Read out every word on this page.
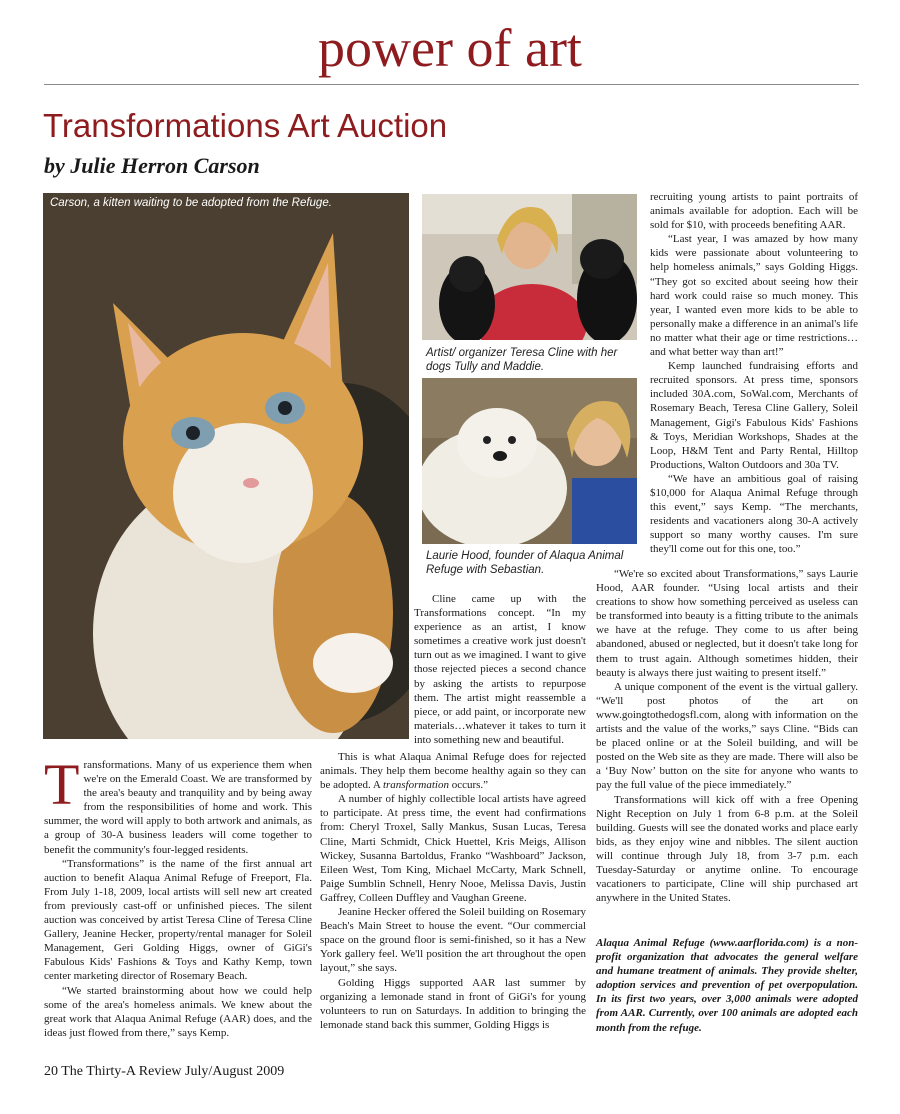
power of art
Transformations Art Auction
by Julie Herron Carson
Carson, a kitten waiting to be adopted from the Refuge.
Artist/ organizer Teresa Cline with her dogs Tully and Maddie.
Laurie Hood, founder of Alaqua Animal Refuge with Sebastian.

Transformations. Many of us experience them when we're on the Emerald Coast. We are transformed by the area's beauty and tranquility and by being away from the responsibilities of home and work. This summer, the word will apply to both artwork and animals, as a group of 30-A business leaders will come together to benefit the community's four-legged residents.

“Transformations” is the name of the first annual art auction to benefit Alaqua Animal Refuge of Freeport, Fla. From July 1-18, 2009, local artists will sell new art created from previously cast-off or unfinished pieces. The silent auction was conceived by artist Teresa Cline of Teresa Cline Gallery, Jeanine Hecker, property/rental manager for Soleil Management, Geri Golding Higgs, owner of GiGi's Fabulous Kids' Fashions & Toys and Kathy Kemp, town center marketing director of Rosemary Beach.

“We started brainstorming about how we could help some of the area's homeless animals. We knew about the great work that Alaqua Animal Refuge (AAR) does, and the ideas just flowed from there,” says Kemp.

Cline came up with the Transformations concept. “In my experience as an artist, I know sometimes a creative work just doesn't turn out as we imagined. I want to give those rejected pieces a second chance by asking the artists to repurpose them. The artist might reassemble a piece, or add paint, or incorporate new materials…whatever it takes to turn it into something new and beautiful.

This is what Alaqua Animal Refuge does for rejected animals. They help them become healthy again so they can be adopted. A transformation occurs.”

A number of highly collectible local artists have agreed to participate. At press time, the event had confirmations from: Cheryl Troxel, Sally Mankus, Susan Lucas, Teresa Cline, Marti Schmidt, Chick Huettel, Kris Meigs, Allison Wickey, Susanna Bartoldus, Franko “Washboard” Jackson, Eileen West, Tom King, Michael McCarty, Mark Schnell, Paige Sumblin Schnell, Henry Nooe, Melissa Davis, Justin Gaffrey, Colleen Duffley and Vaughan Greene.

Jeanine Hecker offered the Soleil building on Rosemary Beach's Main Street to house the event. “Our commercial space on the ground floor is semi-finished, so it has a New York gallery feel. We'll position the art throughout the open layout,” she says.

Golding Higgs supported AAR last summer by organizing a lemonade stand in front of GiGi's for young volunteers to run on Saturdays. In addition to bringing the lemonade stand back this summer, Golding Higgs is

recruiting young artists to paint portraits of animals available for adoption. Each will be sold for $10, with proceeds benefiting AAR.

“Last year, I was amazed by how many kids were passionate about volunteering to help homeless animals,” says Golding Higgs. “They got so excited about seeing how their hard work could raise so much money. This year, I wanted even more kids to be able to personally make a difference in an animal's life no matter what their age or time restrictions… and what better way than art!”

Kemp launched fundraising efforts and recruited sponsors. At press time, sponsors included 30A.com, SoWal.com, Merchants of Rosemary Beach, Teresa Cline Gallery, Soleil Management, Gigi's Fabulous Kids' Fashions & Toys, Meridian Workshops, Shades at the Loop, H&M Tent and Party Rental, Hilltop Productions, Walton Outdoors and 30a TV.

“We have an ambitious goal of raising $10,000 for Alaqua Animal Refuge through this event,” says Kemp. “The merchants, residents and vacationers along 30-A actively support so many worthy causes. I'm sure they'll come out for this one, too.”

“We're so excited about Transformations,” says Laurie Hood, AAR founder. “Using local artists and their creations to show how something perceived as useless can be transformed into beauty is a fitting tribute to the animals we have at the refuge. They come to us after being abandoned, abused or neglected, but it doesn't take long for them to trust again. Although sometimes hidden, their beauty is always there just waiting to present itself.”

A unique component of the event is the virtual gallery. “We'll post photos of the art on www.goingtothedogsfl.com, along with information on the artists and the value of the works,” says Cline. “Bids can be placed online or at the Soleil building, and will be posted on the Web site as they are made. There will also be a ‘Buy Now’ button on the site for anyone who wants to pay the full value of the piece immediately.”

Transformations will kick off with a free Opening Night Reception on July 1 from 6-8 p.m. at the Soleil building. Guests will see the donated works and place early bids, as they enjoy wine and nibbles. The silent auction will continue through July 18, from 3-7 p.m. each Tuesday-Saturday or anytime online. To encourage vacationers to participate, Cline will ship purchased art anywhere in the United States.

Alaqua Animal Refuge (www.aarflorida.com) is a non-profit organization that advocates the general welfare and humane treatment of animals. They provide shelter, adoption services and prevention of pet overpopulation. In its first two years, over 3,000 animals were adopted from AAR. Currently, over 100 animals are adopted each month from the refuge.
20 The Thirty-A Review July/August 2009
